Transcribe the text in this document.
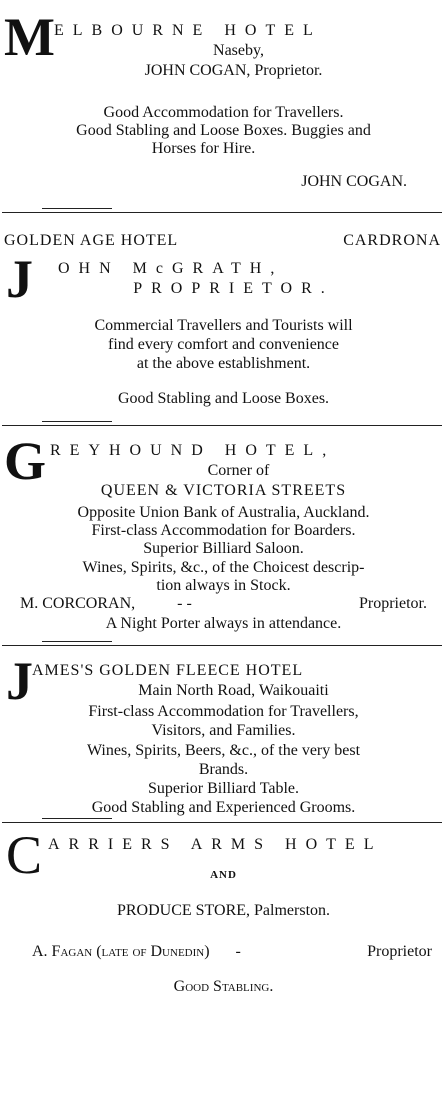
M ELBOURNE HOTEL
Naseby,
JOHN COGAN, Proprietor.
Good Accommodation for Travellers.
Good Stabling and Loose Boxes. Buggies and
Horses for Hire.
JOHN COGAN.
GOLDEN AGE HOTEL	CARDRONA
J OHN McGRATH,
PROPRIETOR.
Commercial Travellers and Tourists will
find every comfort and convenience
at the above establishment.
Good Stabling and Loose Boxes.
G REYHOUND HOTEL,
Corner of
QUEEN & VICTORIA STREETS
Opposite Union Bank of Australia, Auckland.
First-class Accommodation for Boarders.
Superior Billiard Saloon.
Wines, Spirits, &c., of the Choicest descrip-
tion always in Stock.
M. CORCORAN,	- -	Proprietor.
A Night Porter always in attendance.
J AMES'S GOLDEN FLEECE HOTEL
Main North Road, Waikouaiti
First-class Accommodation for Travellers,
Visitors, and Families.
Wines, Spirits, Beers, &c., of the very best
Brands.
Superior Billiard Table.
Good Stabling and Experienced Grooms.
C ARRIERS ARMS HOTEL
AND
PRODUCE STORE, Palmerston.
A. Fagan (late of Dunedin) -	Proprietor
Good Stabling.
